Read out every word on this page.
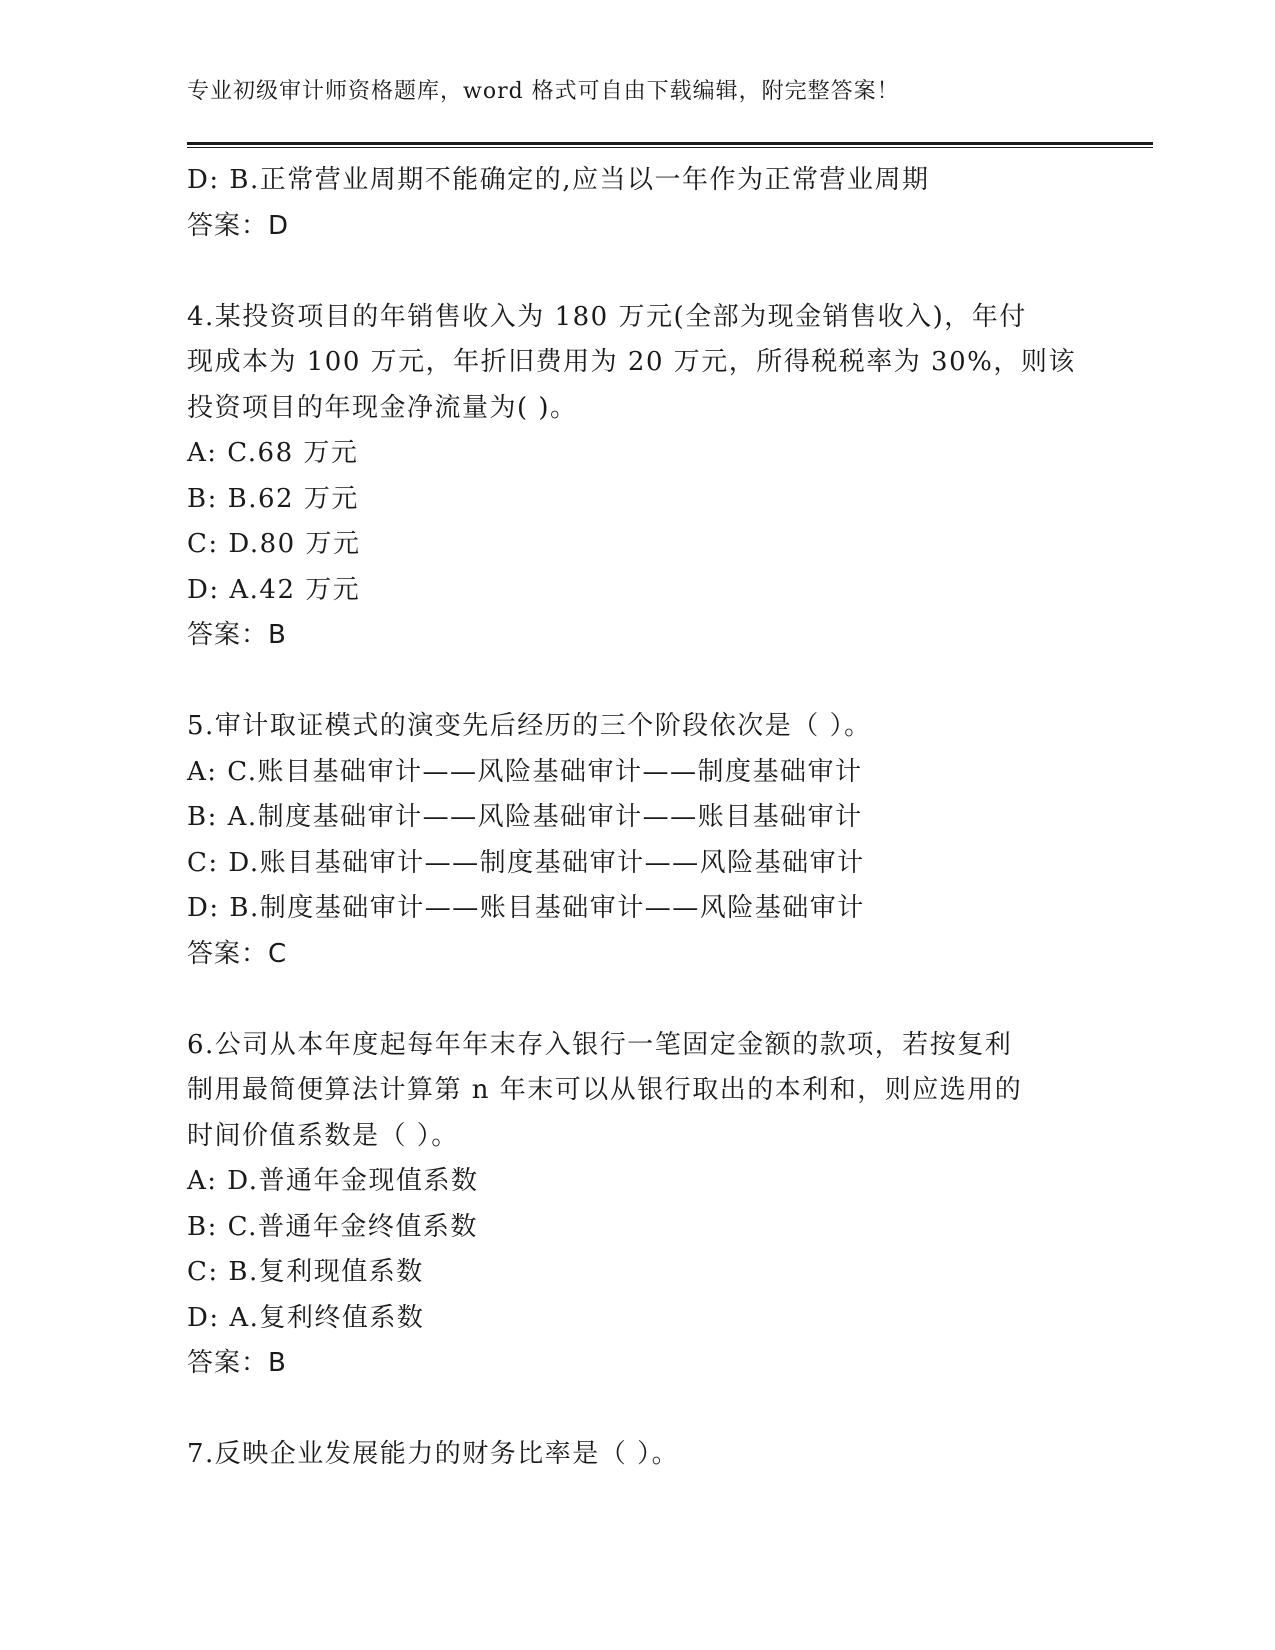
专业初级审计师资格题库，word 格式可自由下载编辑，附完整答案！
D: B.正常营业周期不能确定的,应当以一年作为正常营业周期
答案：D
4.某投资项目的年销售收入为 180 万元(全部为现金销售收入)，年付
现成本为 100 万元，年折旧费用为 20 万元，所得税税率为 30%，则该
投资项目的年现金净流量为( )。
A: C.68 万元
B: B.62 万元
C: D.80 万元
D: A.42 万元
答案：B
5.审计取证模式的演变先后经历的三个阶段依次是（ ）。
A: C.账目基础审计——风险基础审计——制度基础审计
B: A.制度基础审计——风险基础审计——账目基础审计
C: D.账目基础审计——制度基础审计——风险基础审计
D: B.制度基础审计——账目基础审计——风险基础审计
答案：C
6.公司从本年度起每年年末存入银行一笔固定金额的款项，若按复利
制用最简便算法计算第 n 年末可以从银行取出的本利和，则应选用的
时间价值系数是（ ）。
A: D.普通年金现值系数
B: C.普通年金终值系数
C: B.复利现值系数
D: A.复利终值系数
答案：B
7.反映企业发展能力的财务比率是（ ）。
